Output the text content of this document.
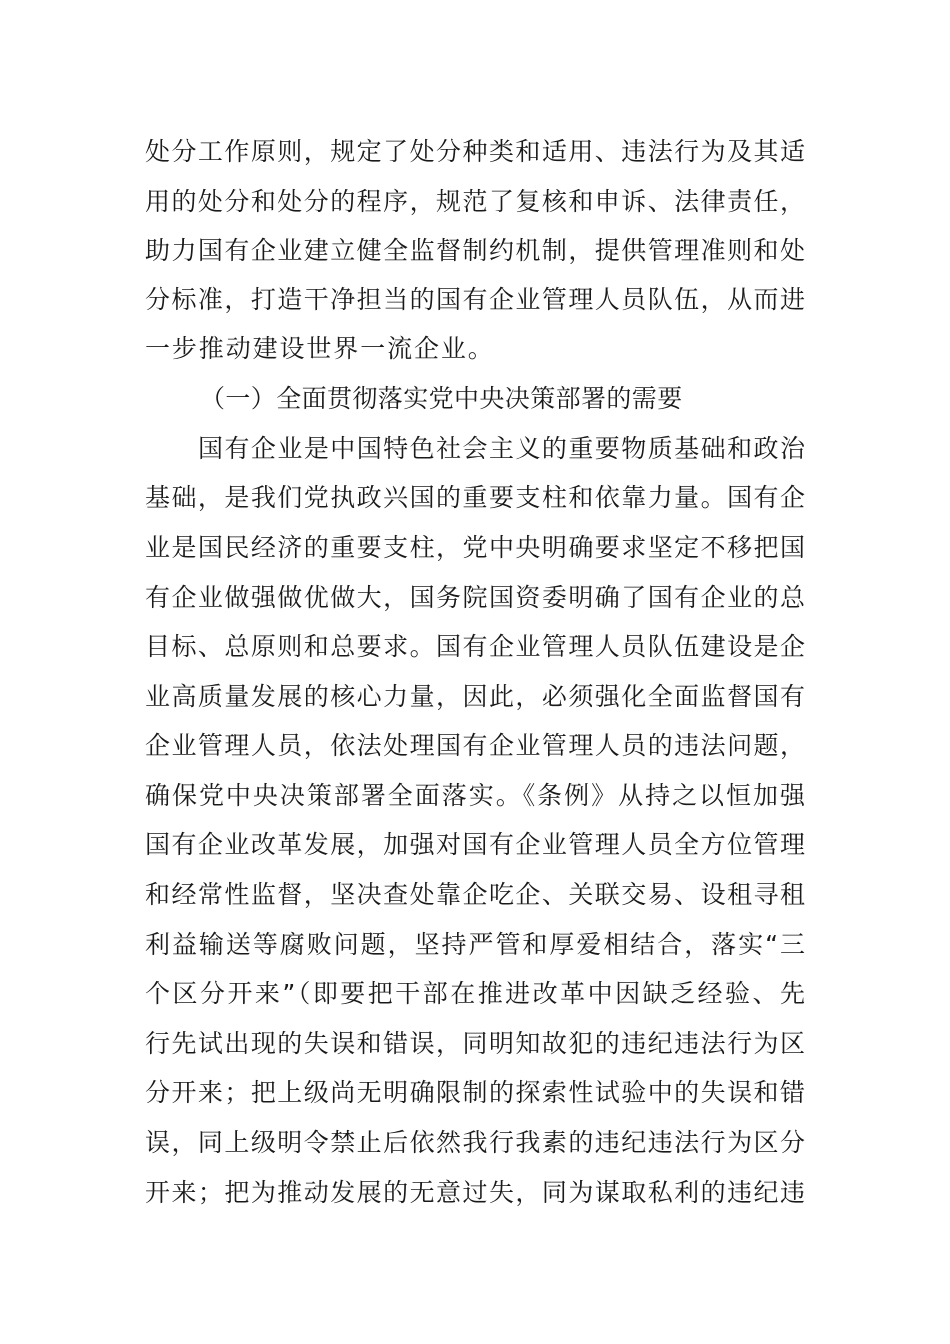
处分工作原则，规定了处分种类和适用、违法行为及其适
用的处分和处分的程序，规范了复核和申诉、法律责任，
助力国有企业建立健全监督制约机制，提供管理准则和处
分标准，打造干净担当的国有企业管理人员队伍，从而进
一步推动建设世界一流企业。
（一）全面贯彻落实党中央决策部署的需要
国有企业是中国特色社会主义的重要物质基础和政治
基础，是我们党执政兴国的重要支柱和依靠力量。国有企
业是国民经济的重要支柱，党中央明确要求坚定不移把国
有企业做强做优做大，国务院国资委明确了国有企业的总
目标、总原则和总要求。国有企业管理人员队伍建设是企
业高质量发展的核心力量，因此，必须强化全面监督国有
企业管理人员，依法处理国有企业管理人员的违法问题，
确保党中央决策部署全面落实。《条例》从持之以恒加强
国有企业改革发展，加强对国有企业管理人员全方位管理
和经常性监督，坚决查处靠企吃企、关联交易、设租寻租
利益输送等腐败问题，坚持严管和厚爱相结合，落实“三
个区分开来”（即要把干部在推进改革中因缺乏经验、先
行先试出现的失误和错误，同明知故犯的违纪违法行为区
分开来；把上级尚无明确限制的探索性试验中的失误和错
误，同上级明令禁止后依然我行我素的违纪违法行为区分
开来；把为推动发展的无意过失，同为谋取私利的违纪违
